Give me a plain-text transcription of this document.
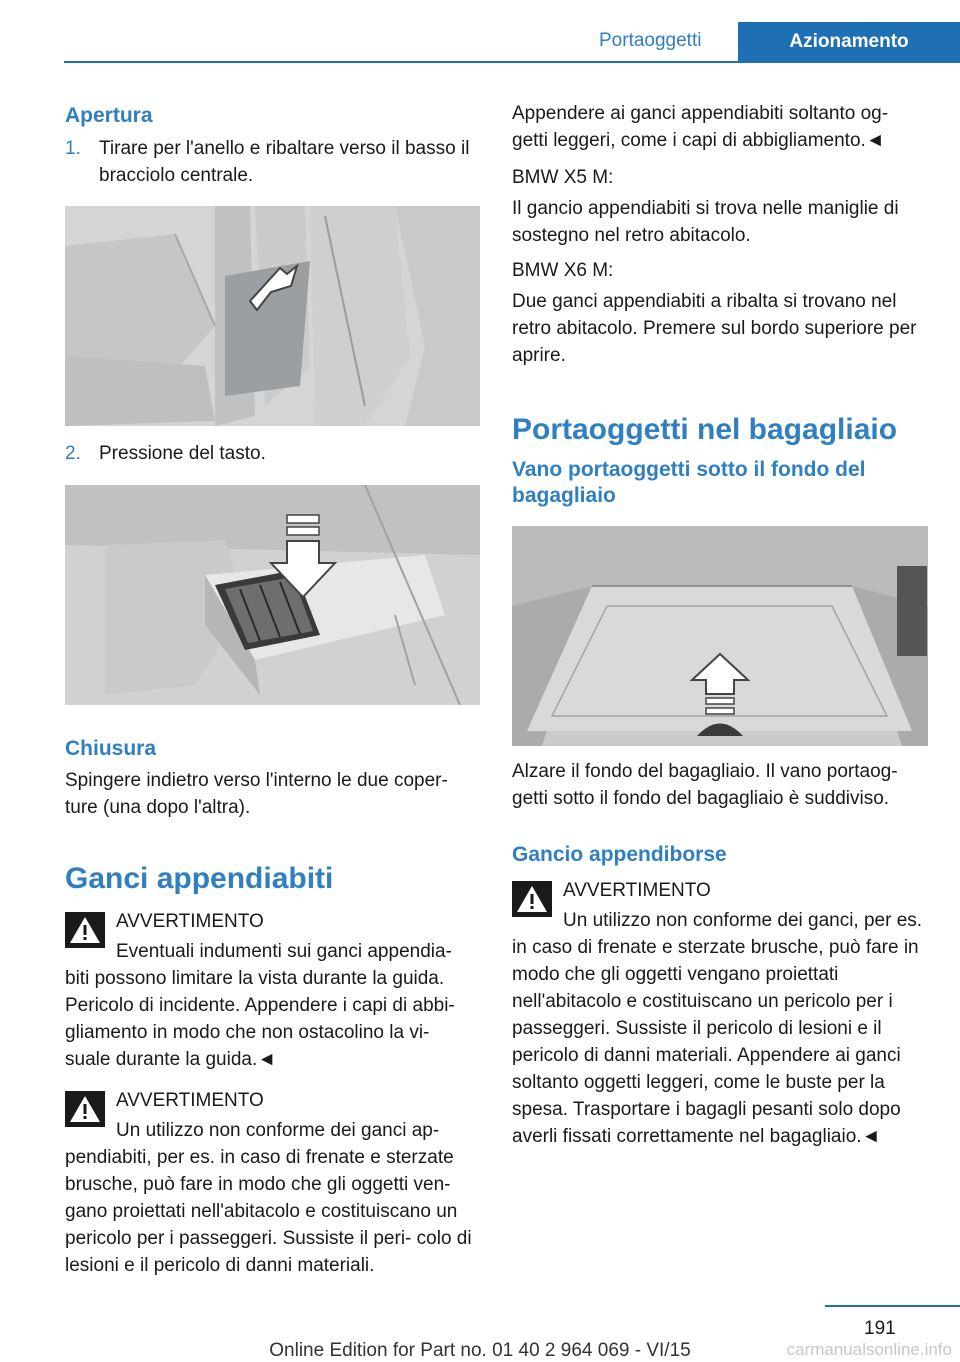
Portaoggetti	Azionamento
Apertura
1. Tirare per l'anello e ribaltare verso il basso il bracciolo centrale.
2. Pressione del tasto.
Chiusura

Spingere indietro verso l'interno le due coper‐ ture (una dopo l'altra).

Ganci appendiabiti
AVVERTIMENTO

Eventuali indumenti sui ganci appendia‐ biti possono limitare la vista durante la guida. Pericolo di incidente. Appendere i capi di abbi‐ gliamento in modo che non ostacolino la vi‐ suale durante la guida.◄

AVVERTIMENTO

Un utilizzo non conforme dei ganci ap‐ pendiabiti, per es. in caso di frenate e sterzate brusche, può fare in modo che gli oggetti ven‐ gano proiettati nell'abitacolo e costituiscano un pericolo per i passeggeri. Sussiste il peri‐ colo di lesioni e il pericolo di danni materiali.

Appendere ai ganci appendiabiti soltanto og‐ getti leggeri, come i capi di abbigliamento.◄

BMW X5 M:

Il gancio appendiabiti si trova nelle maniglie di sostegno nel retro abitacolo.

BMW X6 M:

Due ganci appendiabiti a ribalta si trovano nel retro abitacolo. Premere sul bordo superiore per aprire.

Portaoggetti nel bagagliaio
Vano portaoggetti sotto il fondo del bagagliaio

Alzare il fondo del bagagliaio. Il vano portaog‐ getti sotto il fondo del bagagliaio è suddiviso.

Gancio appendiborse
AVVERTIMENTO

Un utilizzo non conforme dei ganci, per es. in caso di frenate e sterzate brusche, può fare in modo che gli oggetti vengano proiettati nell'abitacolo e costituiscano un pericolo per i passeggeri. Sussiste il pericolo di lesioni e il pericolo di danni materiali. Appendere ai ganci soltanto oggetti leggeri, come le buste per la spesa. Trasportare i bagagli pesanti solo dopo averli fissati correttamente nel bagagliaio.◄

191
Online Edition for Part no. 01 40 2 964 069 - VI/15	carmanualsonline.info
